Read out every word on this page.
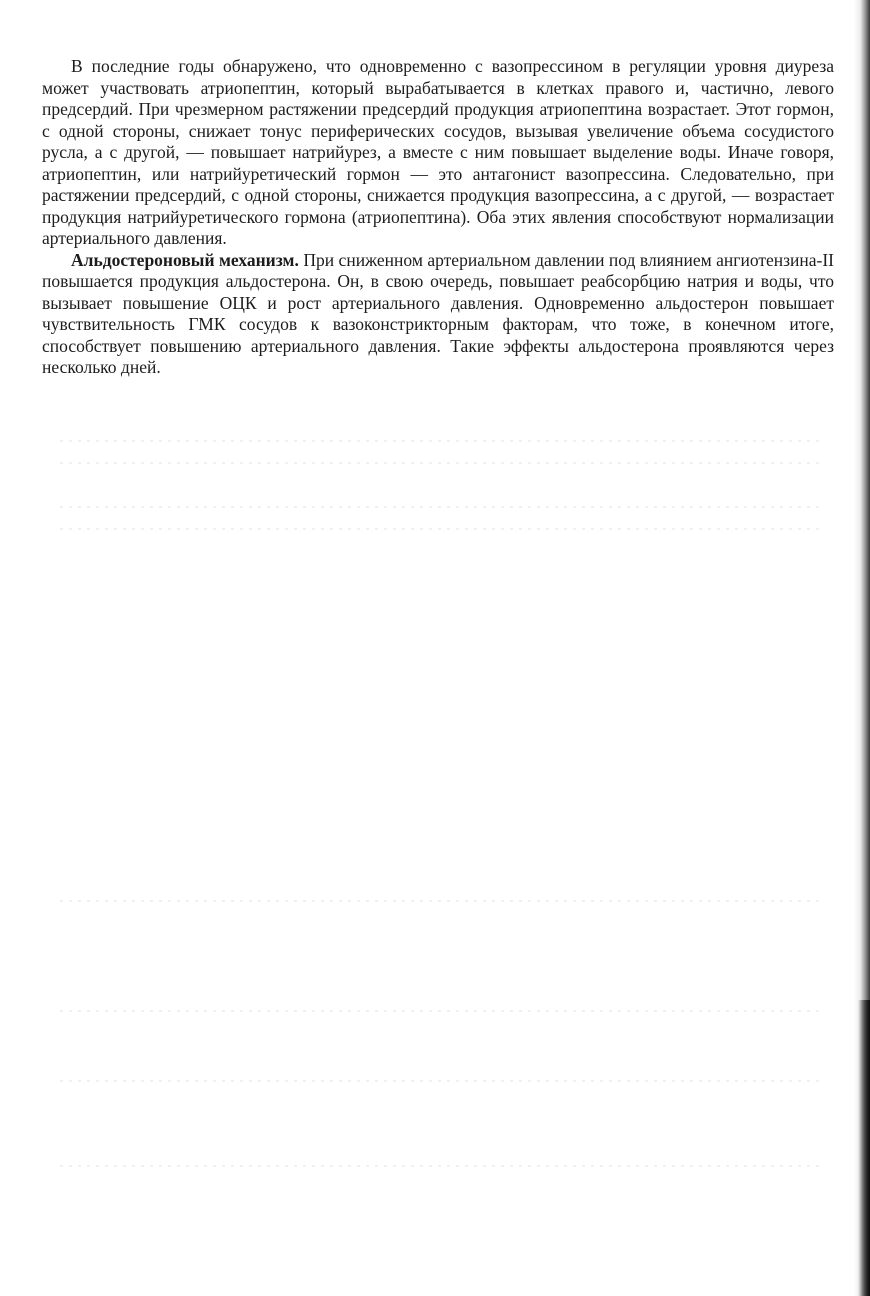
В последние годы обнаружено, что одновременно с вазопрессином в регуляции уровня диуреза может участвовать атриопептин, который вырабатывается в клетках правого и, частично, левого предсердий. При чрезмерном растяжении предсердий продукция атриопептина возрастает. Этот гормон, с одной стороны, снижает тонус периферических сосудов, вызывая увеличение объема сосудистого русла, а с другой, — повышает натрийурез, а вместе с ним повышает выделение воды. Иначе говоря, атриопептин, или натрийуретический гормон — это антагонист вазопрессина. Следовательно, при растяжении предсердий, с одной стороны, снижается продукция вазопрессина, а с другой, — возрастает продукция натрийуретического гормона (атриопептина). Оба этих явления способствуют нормализации артериального давления.

Альдостероновый механизм. При сниженном артериальном давлении под влиянием ангиотензина-II повышается продукция альдостерона. Он, в свою очередь, повышает реабсорбцию натрия и воды, что вызывает повышение ОЦК и рост артериального давления. Одновременно альдостерон повышает чувствительность ГМК сосудов к вазоконстрикторным факторам, что тоже, в конечном итоге, способствует повышению артериального давления. Такие эффекты альдостерона проявляются через несколько дней.
